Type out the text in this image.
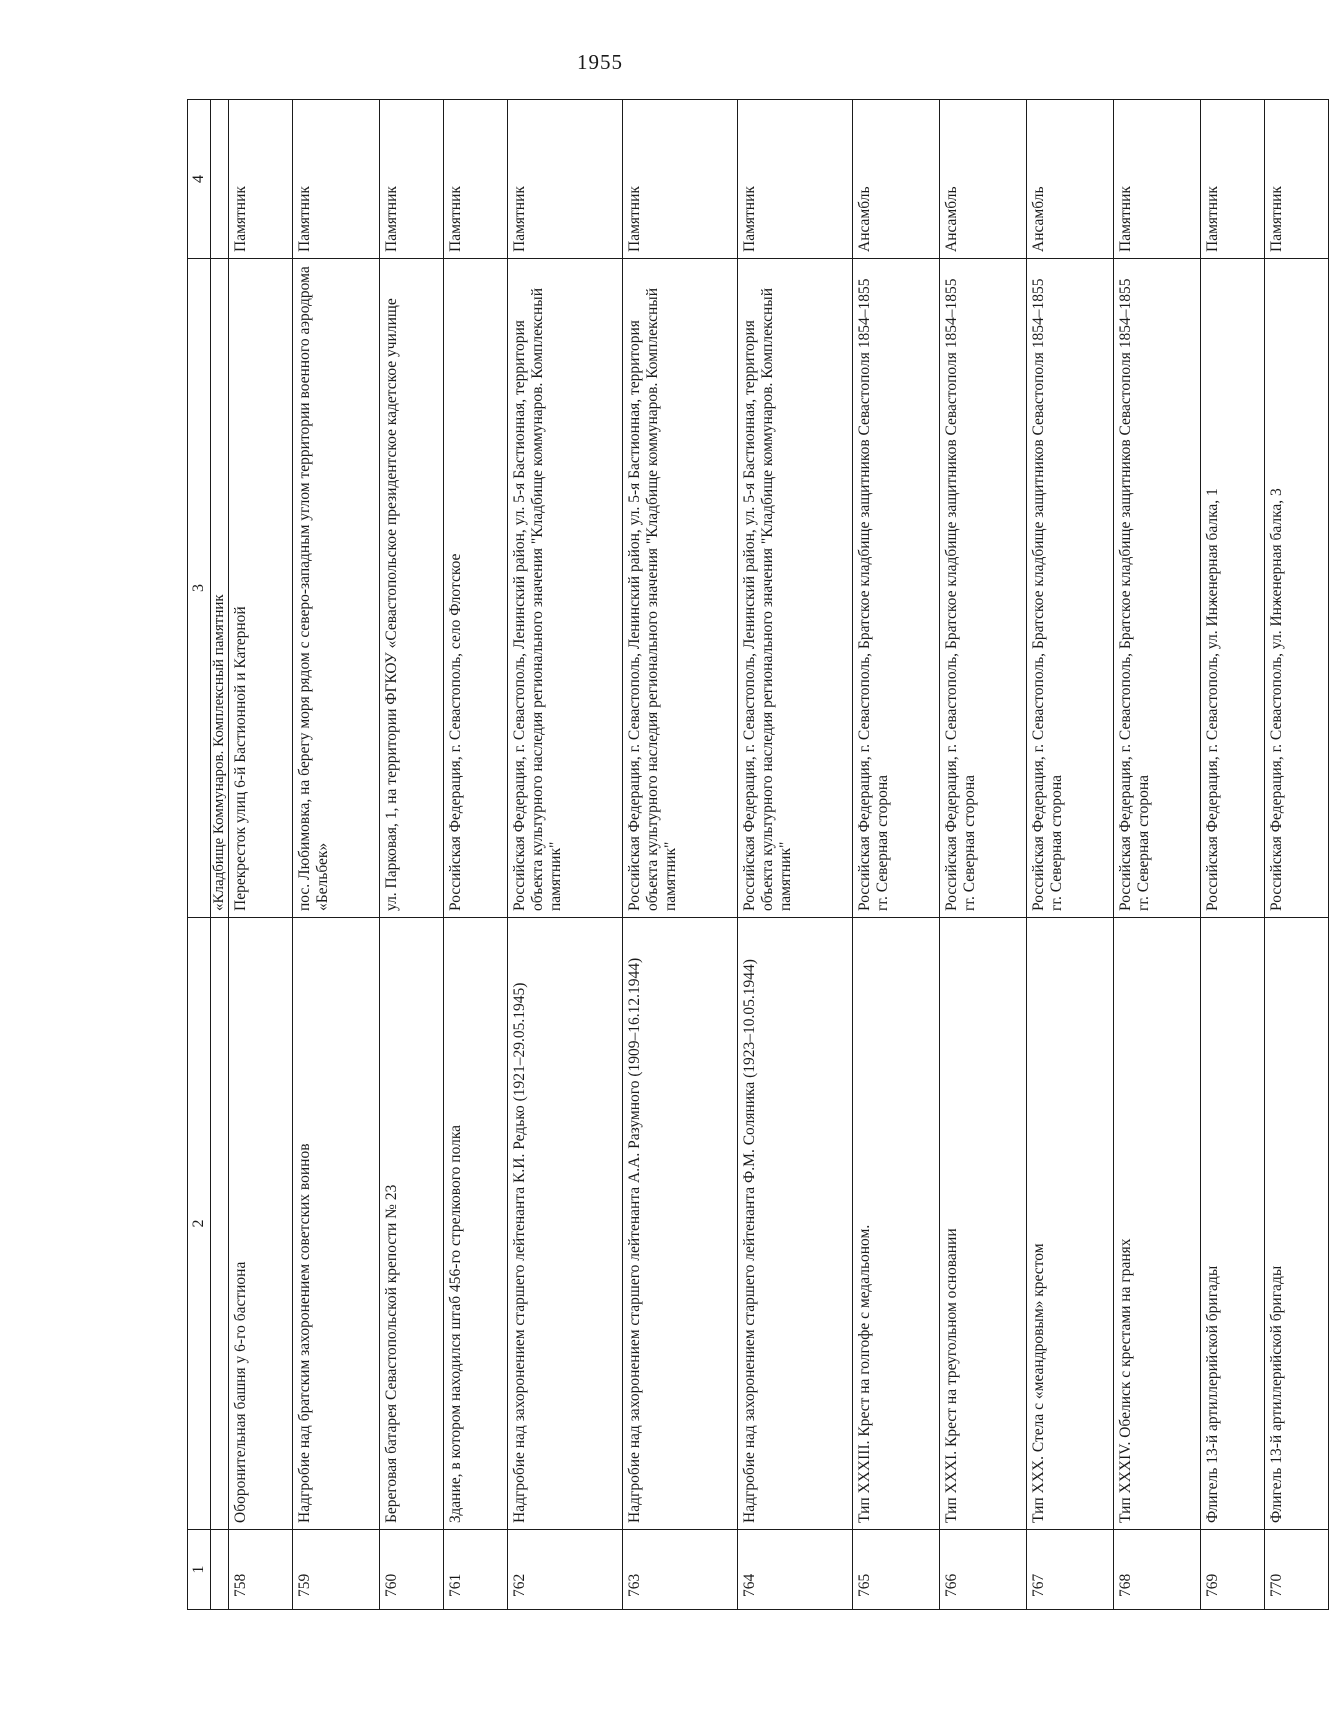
1955
1	2	3	4
		«Кладбище Коммунаров. Комплексный памятник	
758	Оборонительная башня у 6-го бастиона	Перекресток улиц 6-й Бастионной и Катерной	Памятник
759	Надгробие над братским захоронением советских воинов	пос. Любимовка, на берегу моря рядом с северо-западным углом территории военного аэродрома «Бельбек»	Памятник
760	Береговая батарея Севастопольской крепости № 23	ул. Парковая, 1, на территории ФГКОУ «Севастопольское президентское кадетское училище	Памятник
761	Здание, в котором находился штаб 456-го стрелкового полка	Российская Федерация, г. Севастополь, село Флотское	Памятник
762	Надгробие над захоронением старшего лейтенанта К.И. Редько (1921–29.05.1945)	Российская Федерация, г. Севастополь, Ленинский район, ул. 5-я Бастионная, территория объекта культурного наследия регионального значения "Кладбище коммунаров. Комплексный памятник"	Памятник
763	Надгробие над захоронением старшего лейтенанта А.А. Разумного (1909–16.12.1944)	Российская Федерация, г. Севастополь, Ленинский район, ул. 5-я Бастионная, территория объекта культурного наследия регионального значения "Кладбище коммунаров. Комплексный памятник"	Памятник
764	Надгробие над захоронением старшего лейтенанта Ф.М. Соляника (1923–10.05.1944)	Российская Федерация, г. Севастополь, Ленинский район, ул. 5-я Бастионная, территория объекта культурного наследия регионального значения "Кладбище коммунаров. Комплексный памятник"	Памятник
765	Тип XXXIII. Крест на голгофе с медальоном.	Российская Федерация, г. Севастополь, Братское кладбище защитников Севастополя 1854–1855 гг. Северная сторона	Ансамбль
766	Тип XXXI. Крест на треугольном основании	Российская Федерация, г. Севастополь, Братское кладбище защитников Севастополя 1854–1855 гг. Северная сторона	Ансамбль
767	Тип XXX. Стела с «меандровым» крестом	Российская Федерация, г. Севастополь, Братское кладбище защитников Севастополя 1854–1855 гг. Северная сторона	Ансамбль
768	Тип XXXIV. Обелиск с крестами на гранях	Российская Федерация, г. Севастополь, Братское кладбище защитников Севастополя 1854–1855 гг. Северная сторона	Памятник
769	Флигель 13-й артиллерийской бригады	Российская Федерация, г. Севастополь, ул. Инженерная балка, 1	Памятник
770	Флигель 13-й артиллерийской бригады	Российская Федерация, г. Севастополь, ул. Инженерная балка, 3	Памятник
